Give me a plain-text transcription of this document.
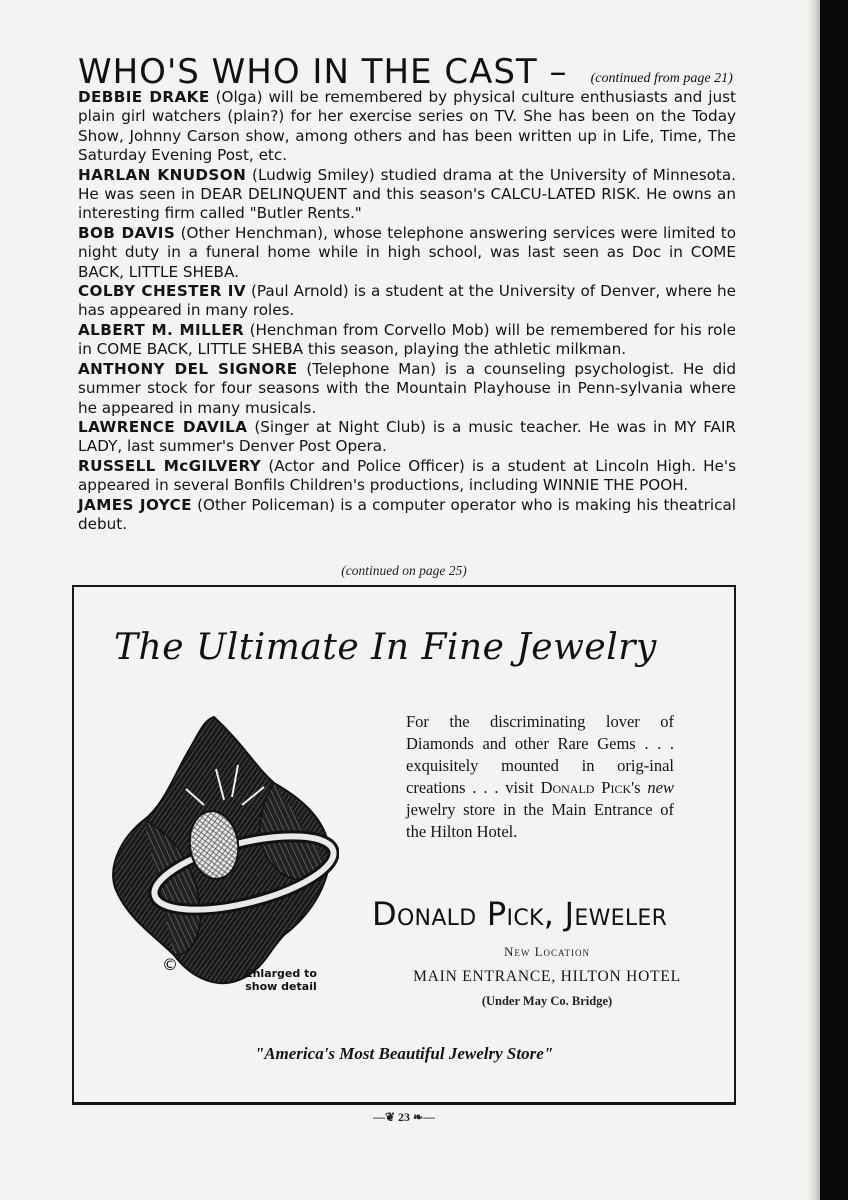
WHO'S WHO IN THE CAST – (continued from page 21)

DEBBIE DRAKE (Olga) will be remembered by physical culture enthusiasts and just plain girl watchers (plain?) for her exercise series on TV. She has been on the Today Show, Johnny Carson show, among others and has been written up in Life, Time, The Saturday Evening Post, etc.

HARLAN KNUDSON (Ludwig Smiley) studied drama at the University of Minnesota. He was seen in DEAR DELINQUENT and this season's CALCU-LATED RISK. He owns an interesting firm called "Butler Rents."

BOB DAVIS (Other Henchman), whose telephone answering services were limited to night duty in a funeral home while in high school, was last seen as Doc in COME BACK, LITTLE SHEBA.

COLBY CHESTER IV (Paul Arnold) is a student at the University of Denver, where he has appeared in many roles.

ALBERT M. MILLER (Henchman from Corvello Mob) will be remembered for his role in COME BACK, LITTLE SHEBA this season, playing the athletic milkman.

ANTHONY DEL SIGNORE (Telephone Man) is a counseling psychologist. He did summer stock for four seasons with the Mountain Playhouse in Penn-sylvania where he appeared in many musicals.

LAWRENCE DAVILA (Singer at Night Club) is a music teacher. He was in MY FAIR LADY, last summer's Denver Post Opera.

RUSSELL McGILVERY (Actor and Police Officer) is a student at Lincoln High. He's appeared in several Bonfils Children's productions, including WINNIE THE POOH.

JAMES JOYCE (Other Policeman) is a computer operator who is making his theatrical debut.

(continued on page 25)
The Ultimate In Fine Jewelry
©	Enlarged to
show detail
For the discriminating lover of Diamonds and other Rare Gems . . . exquisitely mounted in orig-inal creations . . . visit Donald Pick's new jewelry store in the Main Entrance of the Hilton Hotel.
Donald Pick, Jeweler
New Location
MAIN ENTRANCE, HILTON HOTEL
(Under May Co. Bridge)
"America's Most Beautiful Jewelry Store"
—❦ 23 ❧—
